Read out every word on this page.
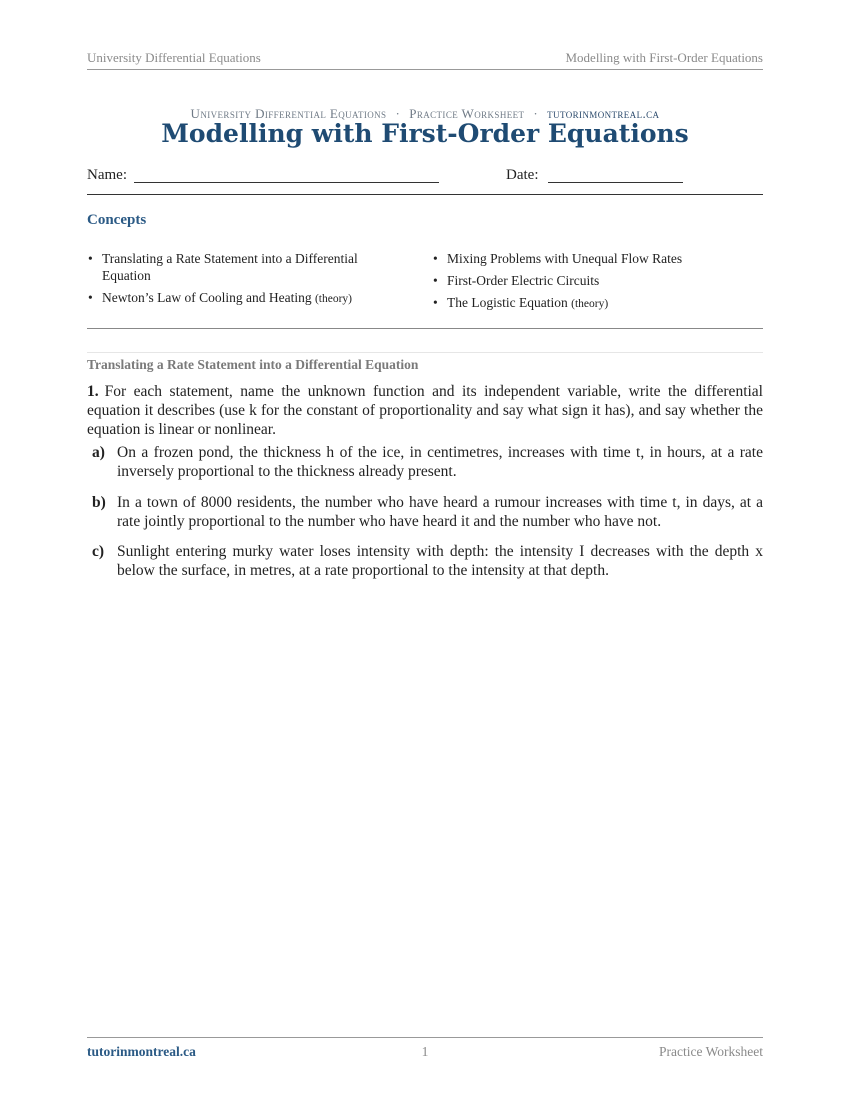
University Differential Equations	Modelling with First-Order Equations
University Differential Equations · Practice Worksheet · tutorinmontreal.ca
Modelling with First-Order Equations
Name:	Date:
Concepts
• Translating a Rate Statement into a Differential Equation
• Newton’s Law of Cooling and Heating (theory)
• Mixing Problems with Unequal Flow Rates
• First-Order Electric Circuits
• The Logistic Equation (theory)
Translating a Rate Statement into a Differential Equation
1. For each statement, name the unknown function and its independent variable, write the differential equation it describes (use k for the constant of proportionality and say what sign it has), and say whether the equation is linear or nonlinear.
a) On a frozen pond, the thickness h of the ice, in centimetres, increases with time t, in hours, at a rate inversely proportional to the thickness already present.
b) In a town of 8000 residents, the number who have heard a rumour increases with time t, in days, at a rate jointly proportional to the number who have heard it and the number who have not.
c) Sunlight entering murky water loses intensity with depth: the intensity I decreases with the depth x below the surface, in metres, at a rate proportional to the intensity at that depth.
tutorinmontreal.ca	1	Practice Worksheet
